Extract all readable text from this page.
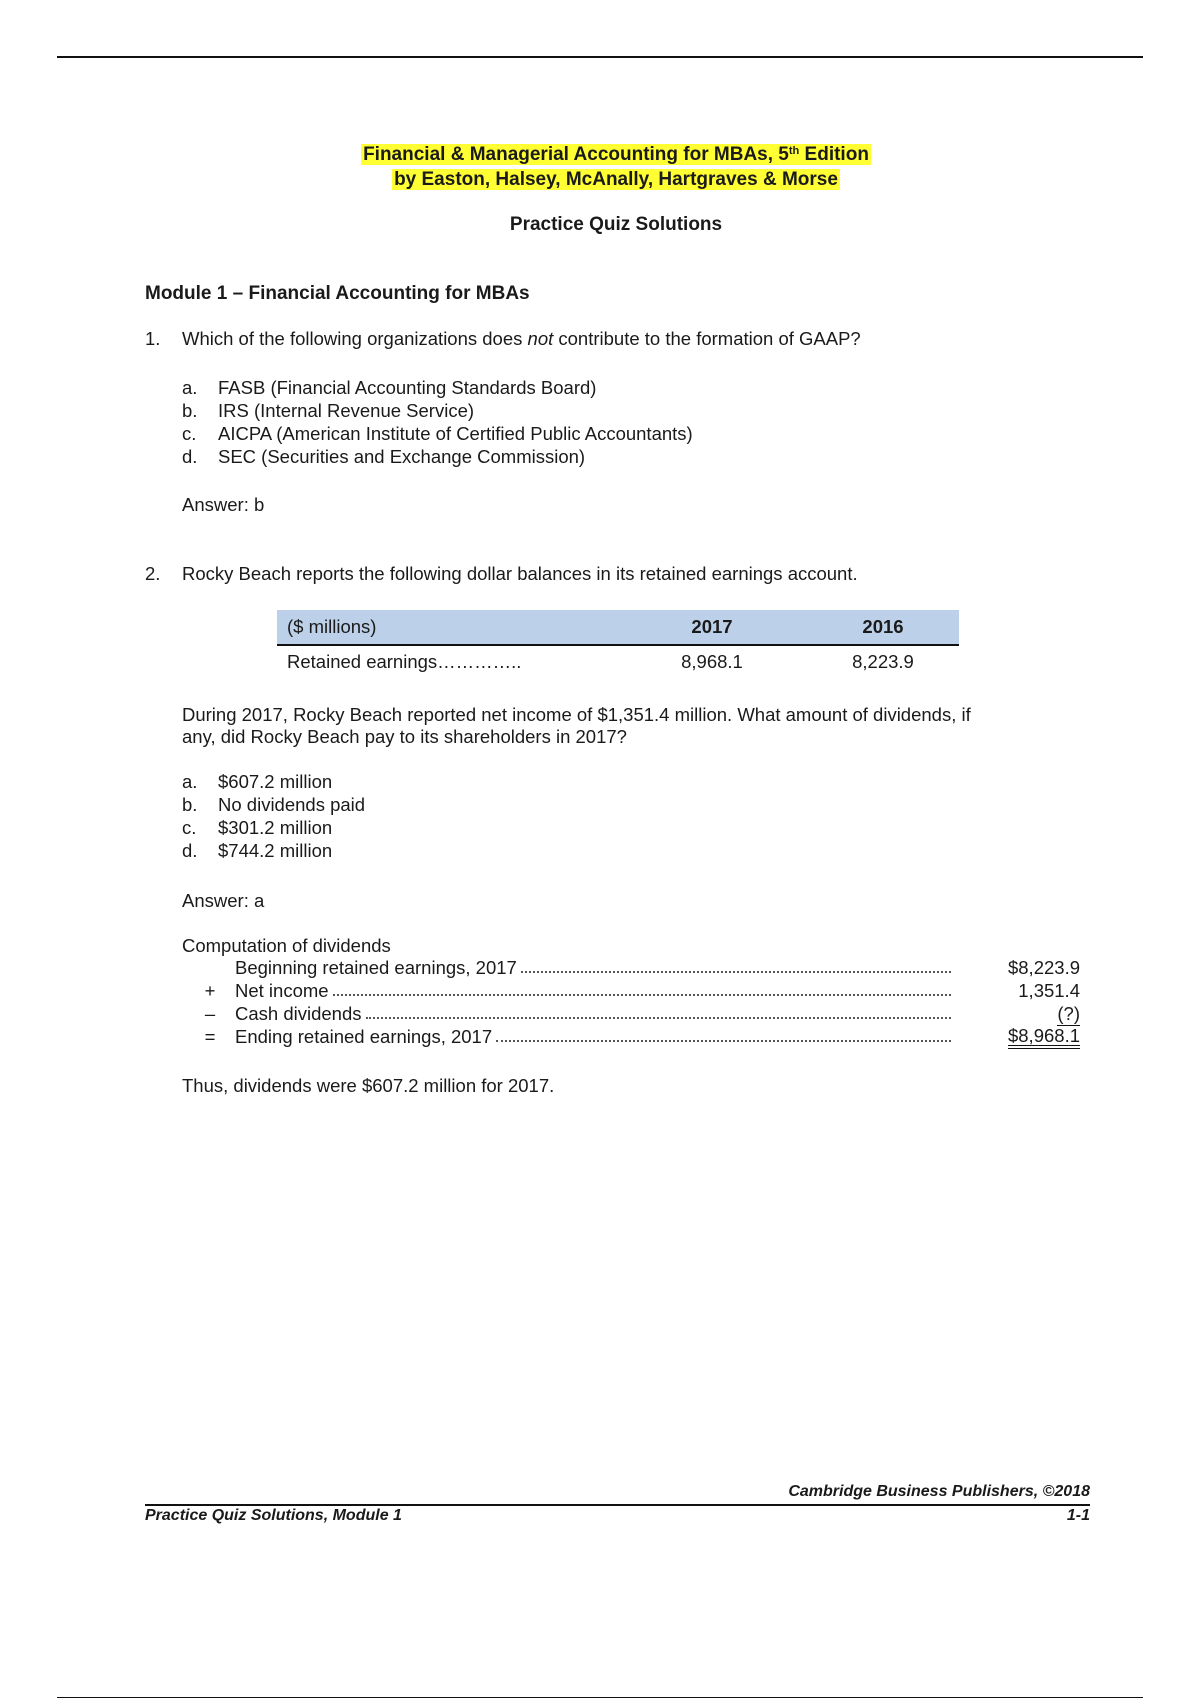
Financial & Managerial Accounting for MBAs, 5th Edition
by Easton, Halsey, McAnally, Hartgraves & Morse
Practice Quiz Solutions
Module 1 – Financial Accounting for MBAs
1. Which of the following organizations does not contribute to the formation of GAAP?
a.	FASB (Financial Accounting Standards Board)
b.	IRS (Internal Revenue Service)
c.	AICPA (American Institute of Certified Public Accountants)
d.	SEC (Securities and Exchange Commission)
Answer: b
2. Rocky Beach reports the following dollar balances in its retained earnings account.
($ millions)	2017	2016
Retained earnings…………..	8,968.1	8,223.9
During 2017, Rocky Beach reported net income of $1,351.4 million. What amount of dividends, if
any, did Rocky Beach pay to its shareholders in 2017?
a.	$607.2 million
b.	No dividends paid
c.	$301.2 million
d.	$744.2 million
Answer: a
Computation of dividends
Beginning retained earnings, 2017	$8,223.9
+ Net income	1,351.4
– Cash dividends	(?)
= Ending retained earnings, 2017	$8,968.1
Thus, dividends were $607.2 million for 2017.
Cambridge Business Publishers, ©2018
Practice Quiz Solutions, Module 1	1-1
